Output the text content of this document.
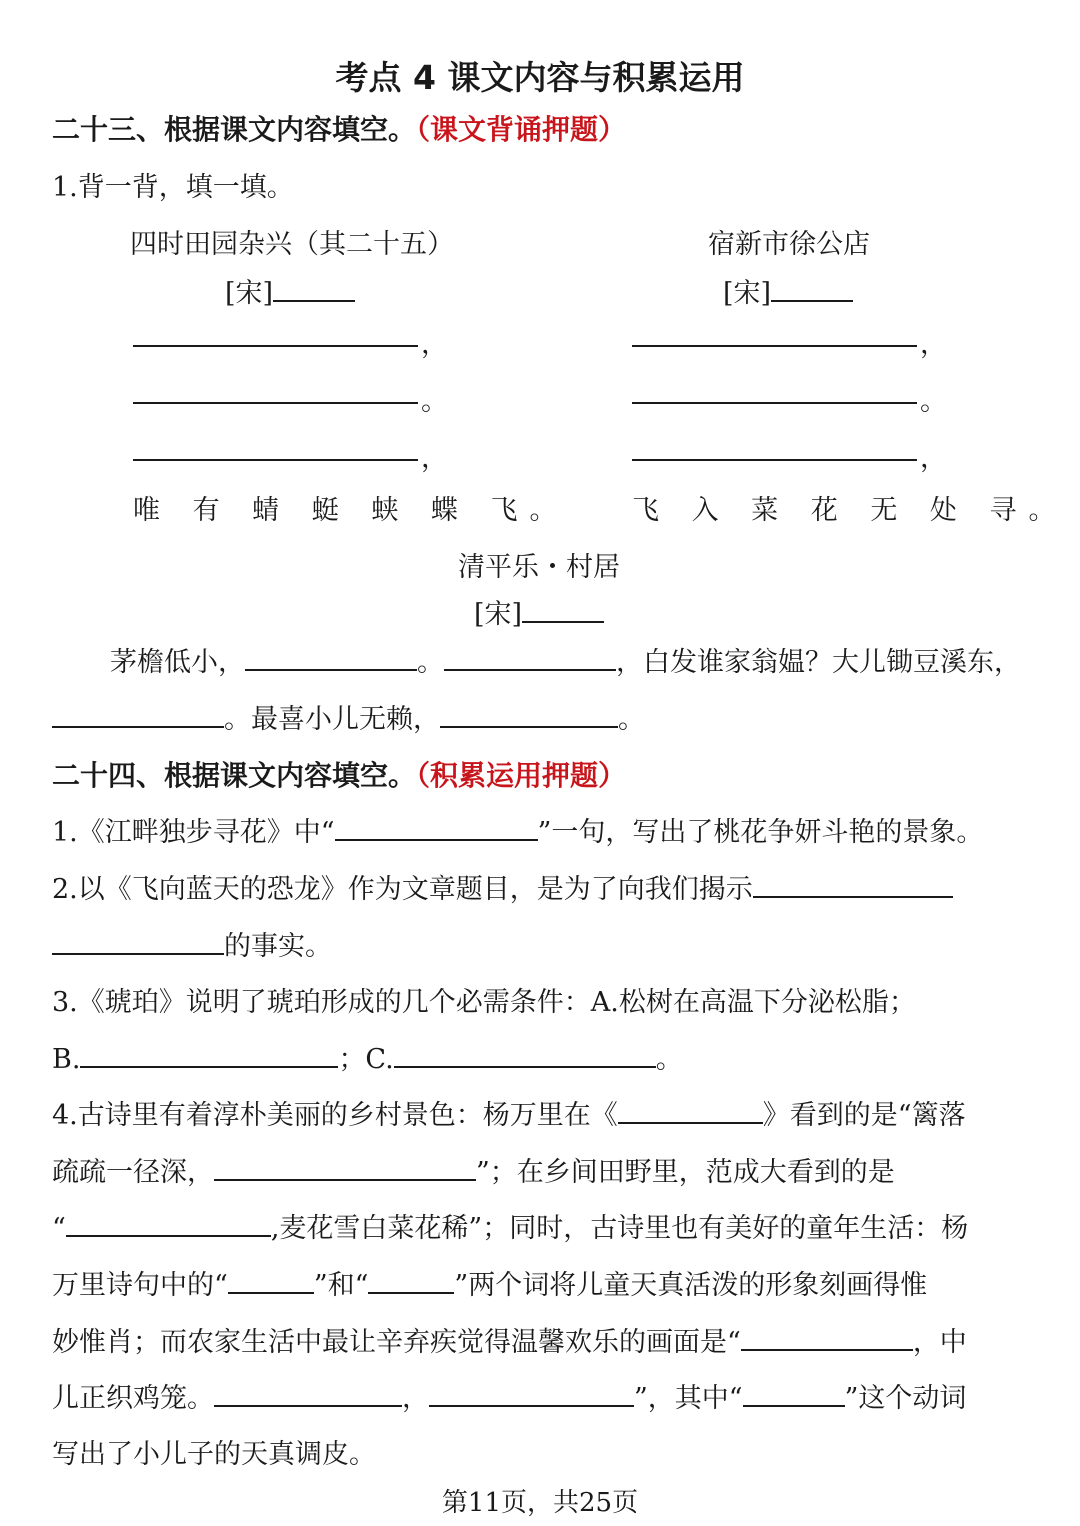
考点 4 课文内容与积累运用
二十三、根据课文内容填空。（课文背诵押题）
1.背一背，填一填。
四时田园杂兴（其二十五）
[宋]
，
。
，
唯 有 蜻 蜓 蛱 蝶 飞。
宿新市徐公店
[宋]
，
。
，
飞 入 菜 花 无 处 寻。
清平乐・村居
[宋]
茅檐低小，	。	，白发谁家翁媪？大儿锄豆溪东，
。最喜小儿无赖，	。
二十四、根据课文内容填空。（积累运用押题）
1.《江畔独步寻花》中“	”一句，写出了桃花争妍斗艳的景象。
2.以《飞向蓝天的恐龙》作为文章题目，是为了向我们揭示
的事实。
3.《琥珀》说明了琥珀形成的几个必需条件：A.松树在高温下分泌松脂；
B.	；C.	。
4.古诗里有着淳朴美丽的乡村景色：杨万里在《	》看到的是“篱落
疏疏一径深，	”；在乡间田野里，范成大看到的是
“	,麦花雪白菜花稀”；同时，古诗里也有美好的童年生活：杨
万里诗句中的“	”和“	”两个词将儿童天真活泼的形象刻画得惟
妙惟肖；而农家生活中最让辛弃疾觉得温馨欢乐的画面是“	，中
儿正织鸡笼。	，	”，其中“	”这个动词
写出了小儿子的天真调皮。
第11页，共25页
